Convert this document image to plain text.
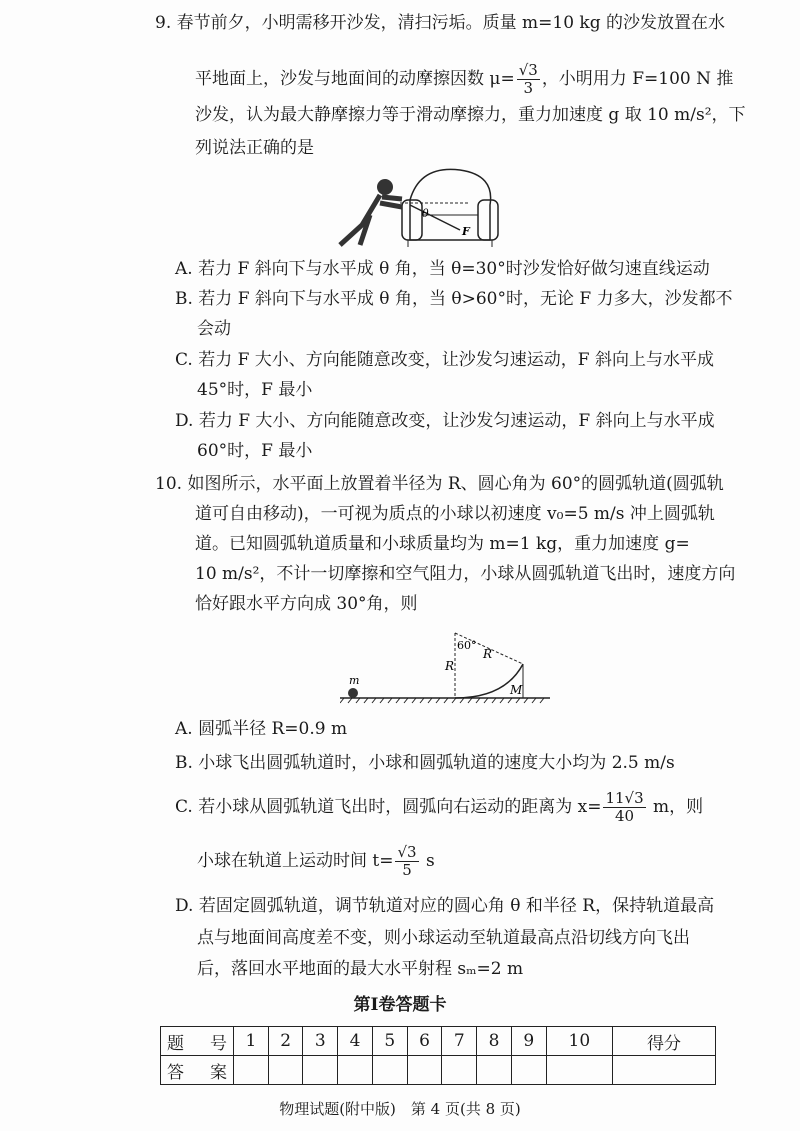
9. 春节前夕，小明需移开沙发，清扫污垢。质量 m=10 kg 的沙发放置在水
平地面上，沙发与地面间的动摩擦因数 $\mu= \frac{√3}{3}$ ，小明用力 F=100 N 推
沙发，认为最大静摩擦力等于滑动摩擦力，重力加速度 g 取 10 m/s²，下
列说法正确的是
θ
F
A. 若力 F 斜向下与水平成 θ 角，当 θ=30°时沙发恰好做匀速直线运动
B. 若力 F 斜向下与水平成 θ 角，当 θ>60°时，无论 F 力多大，沙发都不
会动
C. 若力 F 大小、方向能随意改变，让沙发匀速运动，F 斜向上与水平成
45°时，F 最小
D. 若力 F 大小、方向能随意改变，让沙发匀速运动，F 斜向上与水平成
60°时，F 最小
10. 如图所示，水平面上放置着半径为 R、圆心角为 60°的圆弧轨道(圆弧轨
道可自由移动)，一可视为质点的小球以初速度 v₀=5 m/s 冲上圆弧轨
道。已知圆弧轨道质量和小球质量均为 m=1 kg，重力加速度 g=
10 m/s²，不计一切摩擦和空气阻力，小球从圆弧轨道飞出时，速度方向
恰好跟水平方向成 30°角，则
m
60°
R
R
M
A. 圆弧半径 R=0.9 m
B. 小球飞出圆弧轨道时，小球和圆弧轨道的速度大小均为 2.5 m/s
C. 若小球从圆弧轨道飞出时，圆弧向右运动的距离为 $x= \frac{11√3}{40}$ m，则
小球在轨道上运动时间 $t= \frac{√3}{5}$ s
D. 若固定圆弧轨道，调节轨道对应的圆心角 θ 和半径 R，保持轨道最高
点与地面间高度差不变，则小球运动至轨道最高点沿切线方向飞出
后，落回水平地面的最大水平射程 sₘ=2 m
第Ⅰ卷答题卡
题 号	1	2	3	4	5	6	7	8	9	10	得分
答 案											
物理试题(附中版)　第 4 页(共 8 页)
